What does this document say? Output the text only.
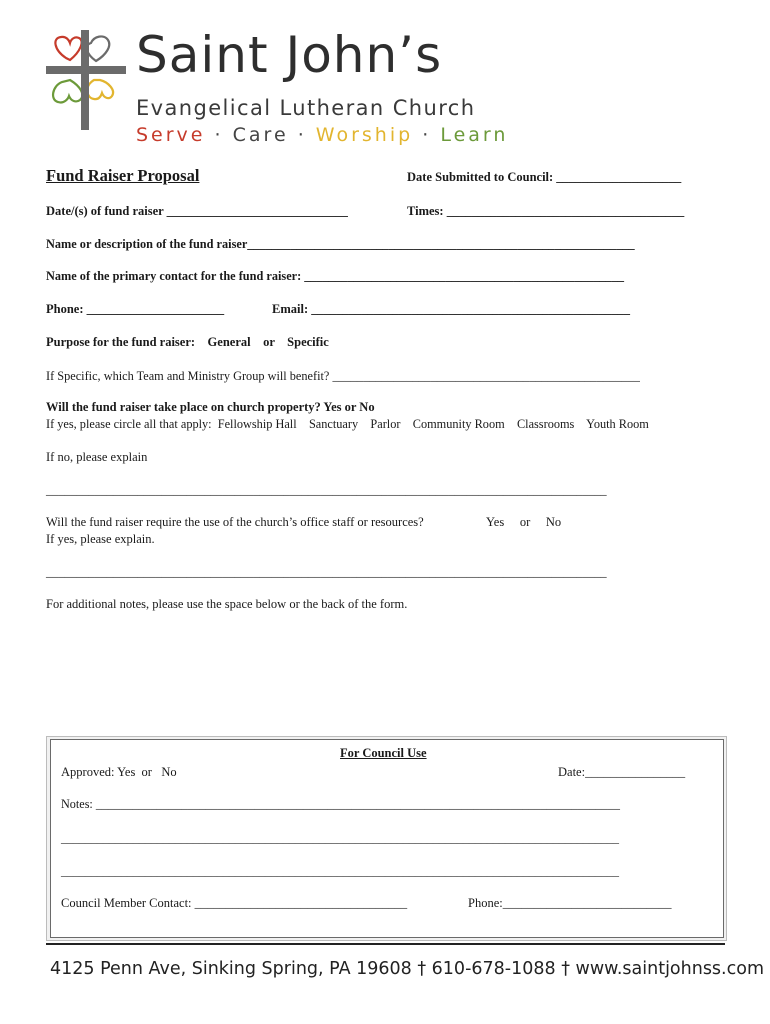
Saint John’s
Evangelical Lutheran Church
Serve · Care · Worship · Learn
Fund Raiser Proposal	Date Submitted to Council: ____________________
Date/(s) of fund raiser _____________________________	Times: ______________________________________
Name or description of the fund raiser_______________________________________________________________
Name of the primary contact for the fund raiser: ____________________________________________________
Phone: ______________________	Email: ___________________________________________________
Purpose for the fund raiser:    General    or    Specific
If Specific, which Team and Ministry Group will benefit? __________________________________________________
Will the fund raiser take place on church property? Yes or No
If yes, please circle all that apply:  Fellowship Hall    Sanctuary    Parlor    Community Room    Classrooms    Youth Room
If no, please explain
____________________________________________________________________________________________
Will the fund raiser require the use of the church’s office staff or resources?	Yes     or     No
If yes, please explain.
____________________________________________________________________________________________
For additional notes, please use the space below or the back of the form.
For Council Use
Approved: Yes  or   No	Date:________________
Notes: ______________________________________________________________________________________
_____________________________________________________________________________________________
_____________________________________________________________________________________________
Council Member Contact: __________________________________	Phone:___________________________
4125 Penn Ave, Sinking Spring, PA 19608 † 610-678-1088 † www.saintjohnss.com
